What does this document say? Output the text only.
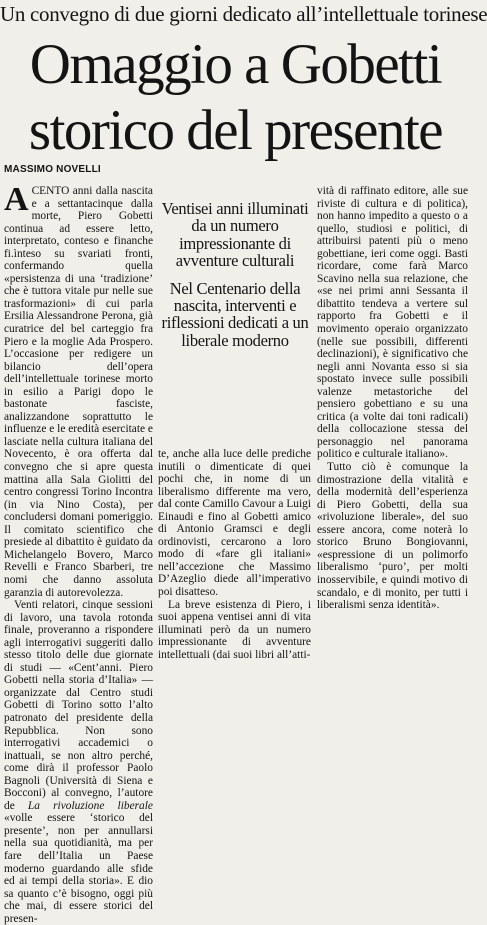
Un convegno di due giorni dedicato all’intellettuale torinese
Omaggio a Gobetti
storico del presente
MASSIMO NOVELLI

ACENTO anni dalla nascita e a settantacinque dalla morte, Piero Gobetti continua ad essere letto, interpretato, conteso e finanche fi.ìnteso su svariati fronti, confermando quella «persistenza di una ‘tradizione’ che è tuttora vitale pur nelle sue trasformazioni» di cui parla Ersilia Alessandrone Perona, già curatrice del bel carteggio fra Piero e la moglie Ada Prospero. L’occasione per redigere un bilancio dell’opera dell’intellettuale torinese morto in esilio a Parigi dopo le bastonate fasciste, analizzandone soprattutto le influenze e le eredità esercitate e lasciate nella cultura italiana del Novecento, è ora offerta dal convegno che si apre questa mattina alla Sala Giolitti del centro congressi Torino Incontra (in via Nino Costa), per concludersi domani pomeriggio. Il comitato scientifico che presiede al dibattito è guidato da Michelangelo Bovero, Marco Revelli e Franco Sbarberi, tre nomi che danno assoluta garanzia di autorevolezza.

Venti relatori, cinque sessioni di lavoro, una tavola rotonda finale, proveranno a rispondere agli interrogativi suggeriti dallo stesso titolo delle due giornate di studi — «Cent’anni. Piero Gobetti nella storia d’Italia» — organizzate dal Centro studi Gobetti di Torino sotto l’alto patronato del presidente della Repubblica. Non sono interrogativi accademici o inattuali, se non altro perché, come dirà il professor Paolo Bagnoli (Università di Siena e Bocconi) al convegno, l’autore de La rivoluzione liberale «volle essere ‘storico del presente’, non per annullarsi nella sua quotidianità, ma per fare dell’Italia un Paese moderno guardando alle sfide ed ai tempi della storia». E dio sa quanto c’è bisogno, oggi più che mai, di essere storici del presen-

Ventisei anni illuminati da un numero impressionante di avventure culturali

Nel Centenario della nascita, interventi e riflessioni dedicati a un liberale moderno

te, anche alla luce delle prediche inutili o dimenticate di quei pochi che, in nome di un liberalismo differente ma vero, dal conte Camillo Cavour a Luigi Einaudi e fino al Gobetti amico di Antonio Gramsci e degli ordinovisti, cercarono a loro modo di «fare gli italiani» nell’accezione che Massimo D’Azeglio diede all’imperativo poi disatteso.

La breve esistenza di Piero, i suoi appena ventisei anni di vita illuminati però da un numero impressionante di avventure intellettuali (dai suoi libri all’atti-

vità di raffinato editore, alle sue riviste di cultura e di politica), non hanno impedito a questo o a quello, studiosi e politici, di attribuirsi patenti più o meno gobettiane, ieri come oggi. Basti ricordare, come farà Marco Scavino nella sua relazione, che «se nei primi anni Sessanta il dibattito tendeva a vertere sul rapporto fra Gobetti e il movimento operaio organizzato (nelle sue possibili, differenti declinazioni), è significativo che negli anni Novanta esso si sia spostato invece sulle possibili valenze metastoriche del pensiero gobettiano e su una critica (a volte dai toni radicali) della collocazione stessa del personaggio nel panorama politico e culturale italiano».

Tutto ciò è comunque la dimostrazione della vitalità e della modernità dell’esperienza di Piero Gobetti, della sua «rivoluzione liberale», del suo essere ancora, come noterà lo storico Bruno Bongiovanni, «espressione di un polimorfo liberalismo ‘puro’, per molti inosservibile, e quindi motivo di scandalo, e di monito, per tutti i liberalismi senza identità».
